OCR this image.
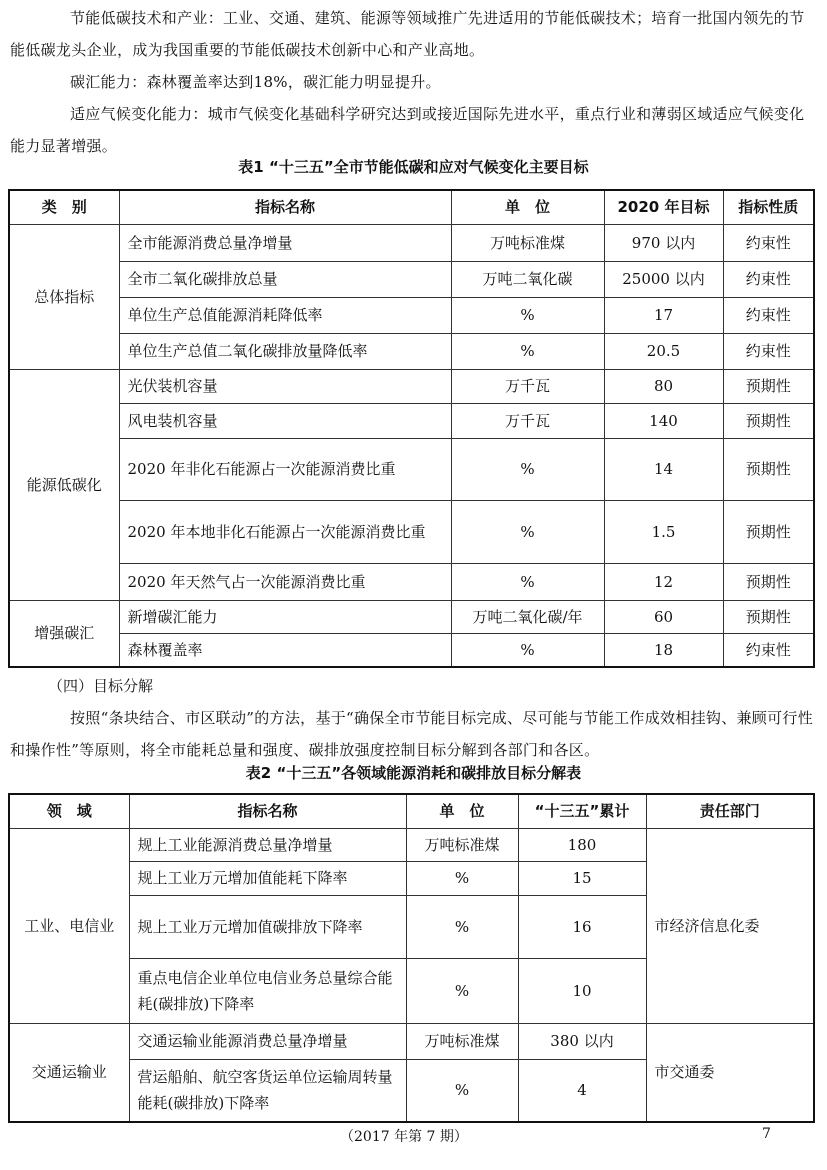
节能低碳技术和产业：工业、交通、建筑、能源等领域推广先进适用的节能低碳技术；培育一批国内领先的节能低碳龙头企业，成为我国重要的节能低碳技术创新中心和产业高地。

碳汇能力：森林覆盖率达到18%，碳汇能力明显提升。

适应气候变化能力：城市气候变化基础科学研究达到或接近国际先进水平，重点行业和薄弱区域适应气候变化能力显著增强。

表1 “十三五”全市节能低碳和应对气候变化主要目标
类　别	指标名称	单　位	2020 年目标	指标性质
总体指标	全市能源消费总量净增量	万吨标准煤	970 以内	约束性
	全市二氧化碳排放总量	万吨二氧化碳	25000 以内	约束性
	单位生产总值能源消耗降低率	%	17	约束性
	单位生产总值二氧化碳排放量降低率	%	20.5	约束性
能源低碳化	光伏装机容量	万千瓦	80	预期性
	风电装机容量	万千瓦	140	预期性
	2020 年非化石能源占一次能源消费比重	%	14	预期性
	2020 年本地非化石能源占一次能源消费比重	%	1.5	预期性
	2020 年天然气占一次能源消费比重	%	12	预期性
增强碳汇	新增碳汇能力	万吨二氧化碳/年	60	预期性
	森林覆盖率	%	18	约束性
（四）目标分解

按照“条块结合、市区联动”的方法，基于“确保全市节能目标完成、尽可能与节能工作成效相挂钩、兼顾可行性和操作性”等原则，将全市能耗总量和强度、碳排放强度控制目标分解到各部门和各区。

表2 “十三五”各领域能源消耗和碳排放目标分解表
领　域	指标名称	单　位	“十三五”累计	责任部门
工业、电信业	规上工业能源消费总量净增量	万吨标准煤	180	市经济信息化委
	规上工业万元增加值能耗下降率	%	15	
	规上工业万元增加值碳排放下降率	%	16	
	重点电信企业单位电信业务总量综合能耗(碳排放)下降率	%	10	
交通运输业	交通运输业能源消费总量净增量	万吨标准煤	380 以内	市交通委
	营运船舶、航空客货运单位运输周转量能耗(碳排放)下降率	%	4	
（2017 年第 7 期）	7
